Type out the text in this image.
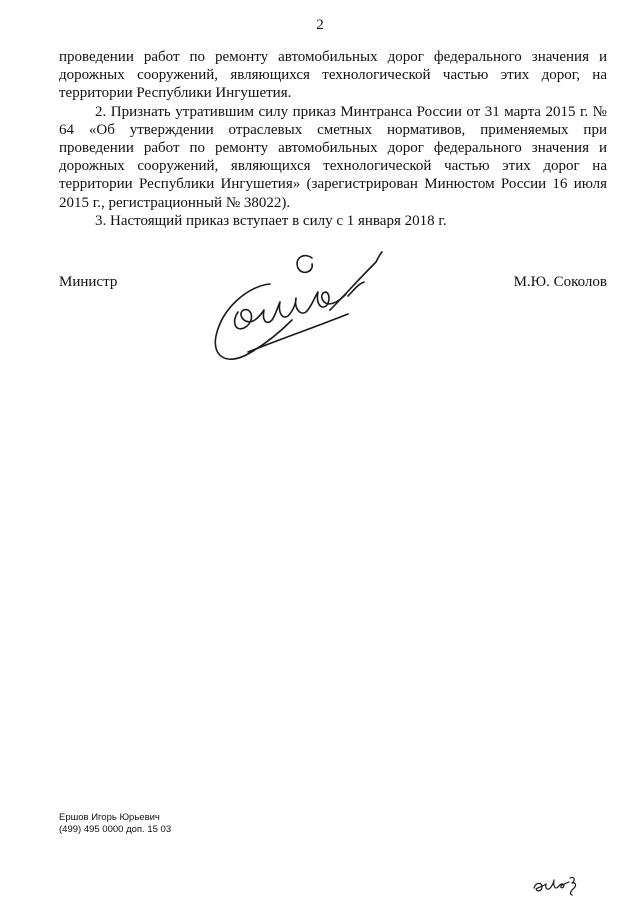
2

проведении работ по ремонту автомобильных дорог федерального значения и дорожных сооружений, являющихся технологической частью этих дорог, на территории Республики Ингушетия.

2. Признать утратившим силу приказ Минтранса России от 31 марта 2015 г. № 64 «Об утверждении отраслевых сметных нормативов, применяемых при проведении работ по ремонту автомобильных дорог федерального значения и дорожных сооружений, являющихся технологической частью этих дорог на территории Республики Ингушетия» (зарегистрирован Минюстом России 16 июля 2015 г., регистрационный № 38022).

3. Настоящий приказ вступает в силу с 1 января 2018 г.

Министр	М.Ю. Соколов
Ершов Игорь Юрьевич
(499) 495 0000 доп. 15 03
